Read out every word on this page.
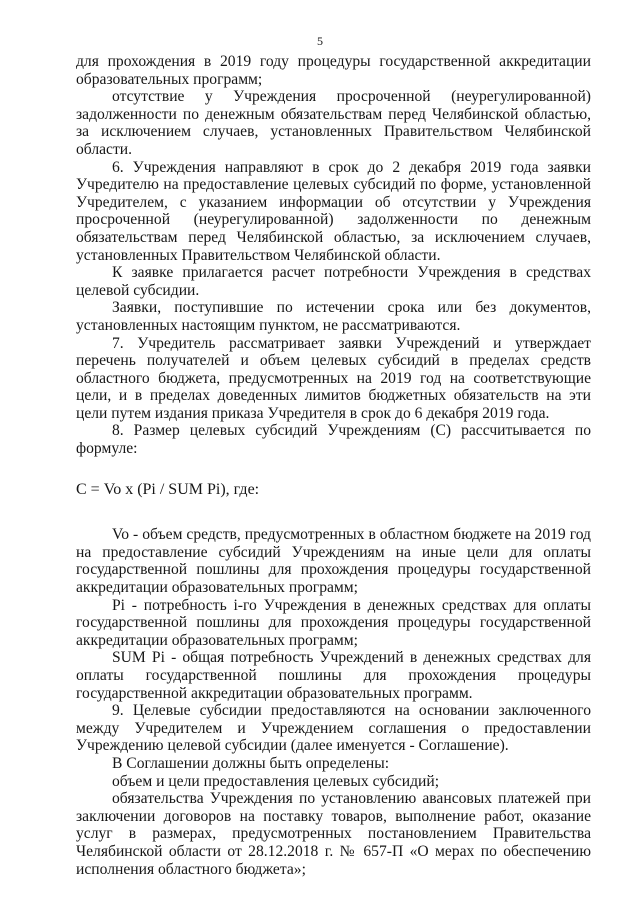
5

для прохождения в 2019 году процедуры государственной аккредитации образовательных программ;

отсутствие у Учреждения просроченной (неурегулированной) задолженности по денежным обязательствам перед Челябинской областью, за исключением случаев, установленных Правительством Челябинской области.

6. Учреждения направляют в срок до 2 декабря 2019 года заявки Учредителю на предоставление целевых субсидий по форме, установленной Учредителем, с указанием информации об отсутствии у Учреждения просроченной (неурегулированной) задолженности по денежным обязательствам перед Челябинской областью, за исключением случаев, установленных Правительством Челябинской области.

К заявке прилагается расчет потребности Учреждения в средствах целевой субсидии.

Заявки, поступившие по истечении срока или без документов, установленных настоящим пунктом, не рассматриваются.

7. Учредитель рассматривает заявки Учреждений и утверждает перечень получателей и объем целевых субсидий в пределах средств областного бюджета, предусмотренных на 2019 год на соответствующие цели, и в пределах доведенных лимитов бюджетных обязательств на эти цели путем издания приказа Учредителя в срок до 6 декабря 2019 года.

8. Размер целевых субсидий Учреждениям (С) рассчитывается по формуле:

С = Vo х (Pi / SUM Pi), где:

Vo - объем средств, предусмотренных в областном бюджете на 2019 год на предоставление субсидий Учреждениям на иные цели для оплаты государственной пошлины для прохождения процедуры государственной аккредитации образовательных программ;

Pi - потребность i-го Учреждения в денежных средствах для оплаты государственной пошлины для прохождения процедуры государственной аккредитации образовательных программ;

SUM Pi - общая потребность Учреждений в денежных средствах для оплаты государственной пошлины для прохождения процедуры государственной аккредитации образовательных программ.

9. Целевые субсидии предоставляются на основании заключенного между Учредителем и Учреждением соглашения о предоставлении Учреждению целевой субсидии (далее именуется - Соглашение).

В Соглашении должны быть определены:

объем и цели предоставления целевых субсидий;

обязательства Учреждения по установлению авансовых платежей при заключении договоров на поставку товаров, выполнение работ, оказание услуг в размерах, предусмотренных постановлением Правительства Челябинской области от 28.12.2018 г. № 657-П «О мерах по обеспечению исполнения областного бюджета»;
